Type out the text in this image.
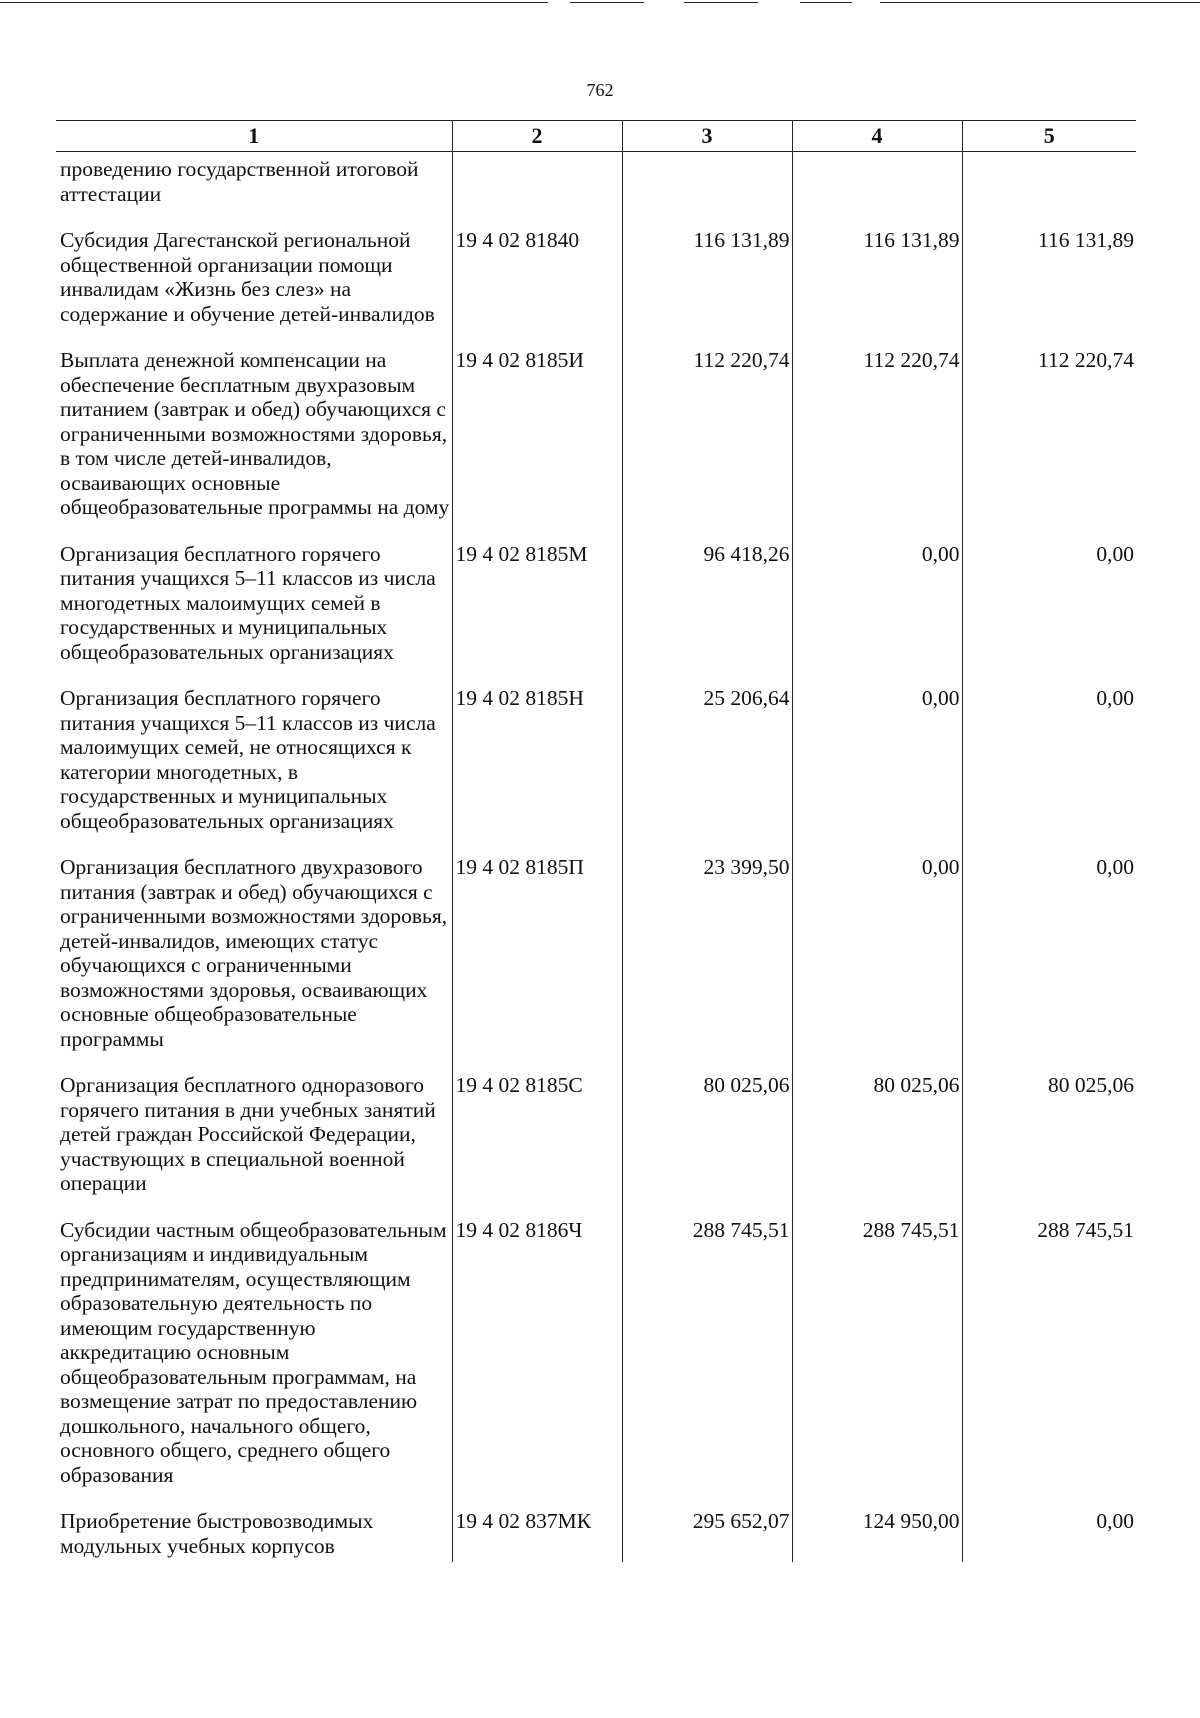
762
1	2	3	4	5

проведению государственной итоговой аттестации				

Субсидия Дагестанской региональной общественной организации помощи инвалидам «Жизнь без слез» на содержание и обучение детей-инвалидов	19 4 02 81840	116 131,89	116 131,89	116 131,89
Выплата денежной компенсации на обеспечение бесплатным двухразовым питанием (завтрак и обед) обучающихся с ограниченными возможностями здоровья, в том числе детей-инвалидов, осваивающих основные общеобразовательные программы на дому	19 4 02 8185И	112 220,74	112 220,74	112 220,74
Организация бесплатного горячего питания учащихся 5–11 классов из числа многодетных малоимущих семей в государственных и муниципальных общеобразовательных организациях	19 4 02 8185М	96 418,26	0,00	0,00
Организация бесплатного горячего питания учащихся 5–11 классов из числа малоимущих семей, не относящихся к категории многодетных, в государственных и муниципальных общеобразовательных организациях	19 4 02 8185Н	25 206,64	0,00	0,00
Организация бесплатного двухразового питания (завтрак и обед) обучающихся с ограниченными возможностями здоровья, детей-инвалидов, имеющих статус обучающихся с ограниченными возможностями здоровья, осваивающих основные общеобразовательные программы	19 4 02 8185П	23 399,50	0,00	0,00
Организация бесплатного одноразового горячего питания в дни учебных занятий детей граждан Российской Федерации, участвующих в специальной военной операции	19 4 02 8185С	80 025,06	80 025,06	80 025,06
Субсидии частным общеобразовательным организациям и индивидуальным предпринимателям, осуществляющим образовательную деятельность по имеющим государственную аккредитацию основным общеобразовательным программам, на возмещение затрат по предоставлению дошкольного, начального общего, основного общего, среднего общего образования	19 4 02 8186Ч	288 745,51	288 745,51	288 745,51
Приобретение быстровозводимых модульных учебных корпусов	19 4 02 837МК	295 652,07	124 950,00	0,00
